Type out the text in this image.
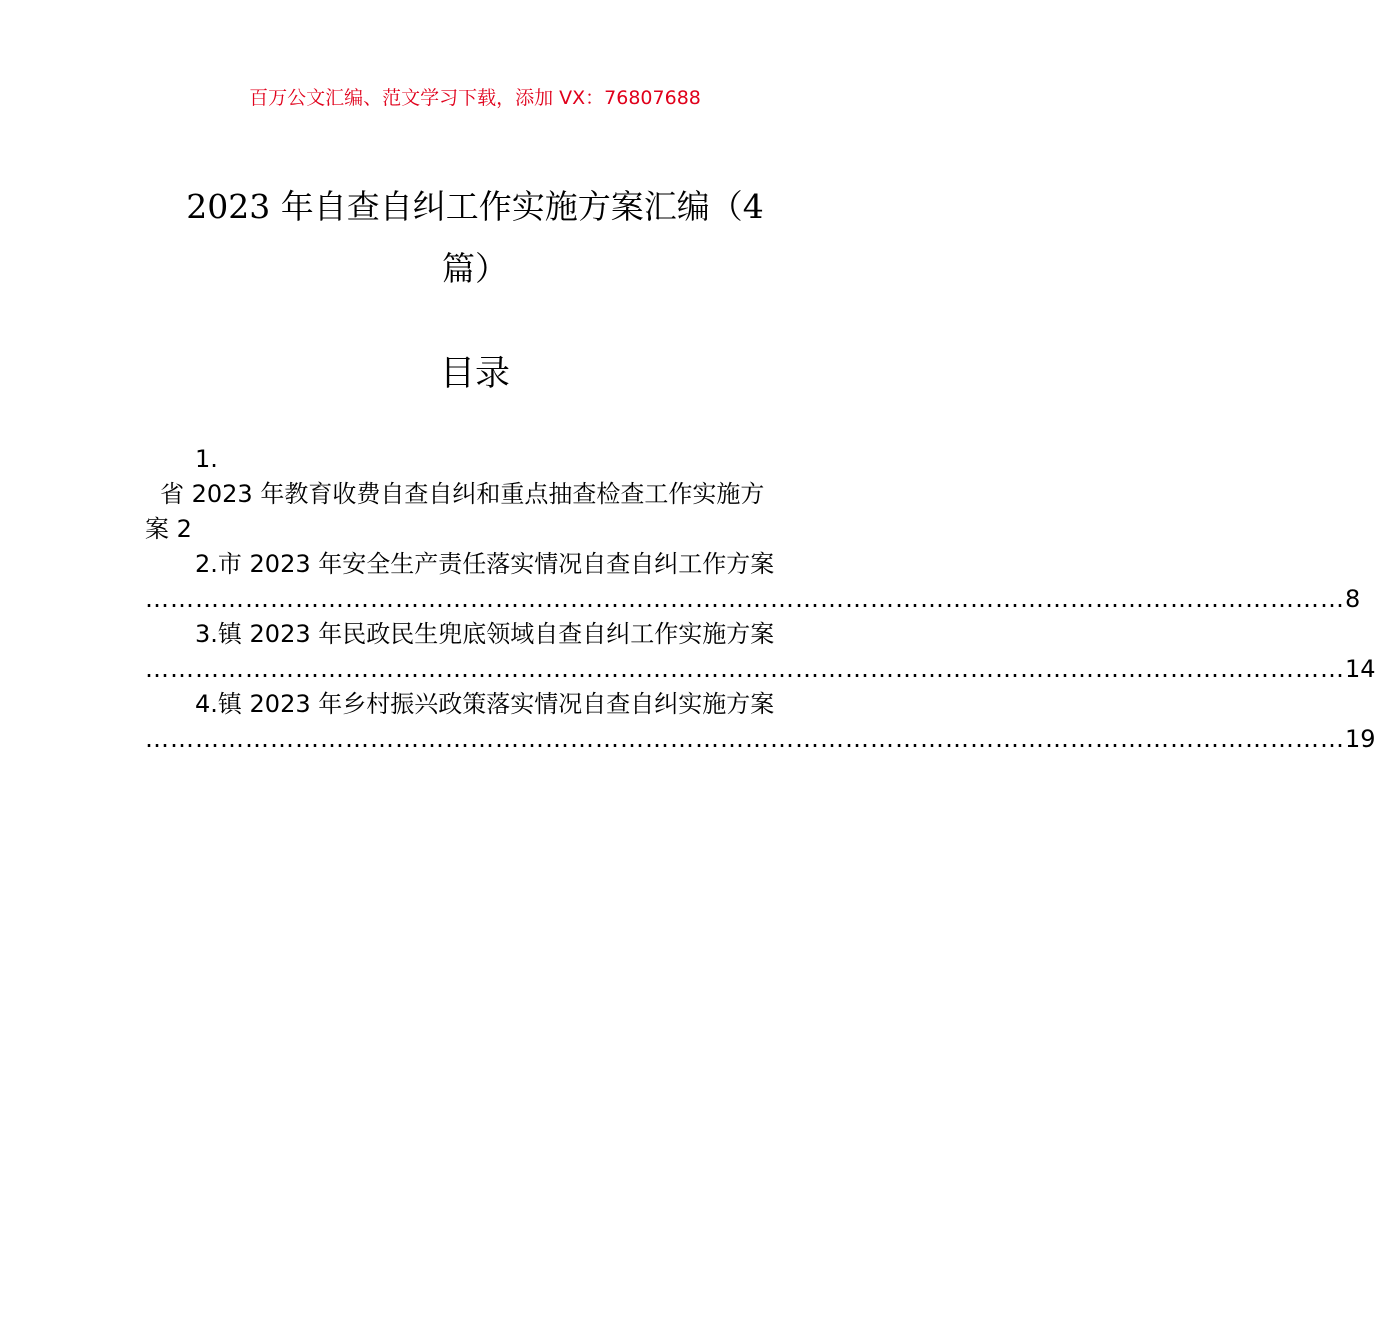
百万公文汇编、范文学习下载，添加 VX：76807688
2023 年自查自纠工作实施方案汇编（4
篇）
目录
1.
省 2023 年教育收费自查自纠和重点抽查检查工作实施方
案 2
2.市 2023 年安全生产责任落实情况自查自纠工作方案
……………………………………………………………………………………………………………………………… 8
3.镇 2023 年民政民生兜底领域自查自纠工作实施方案
……………………………………………………………………………………………………………………………… 14
4.镇 2023 年乡村振兴政策落实情况自查自纠实施方案
……………………………………………………………………………………………………………………………… 19
